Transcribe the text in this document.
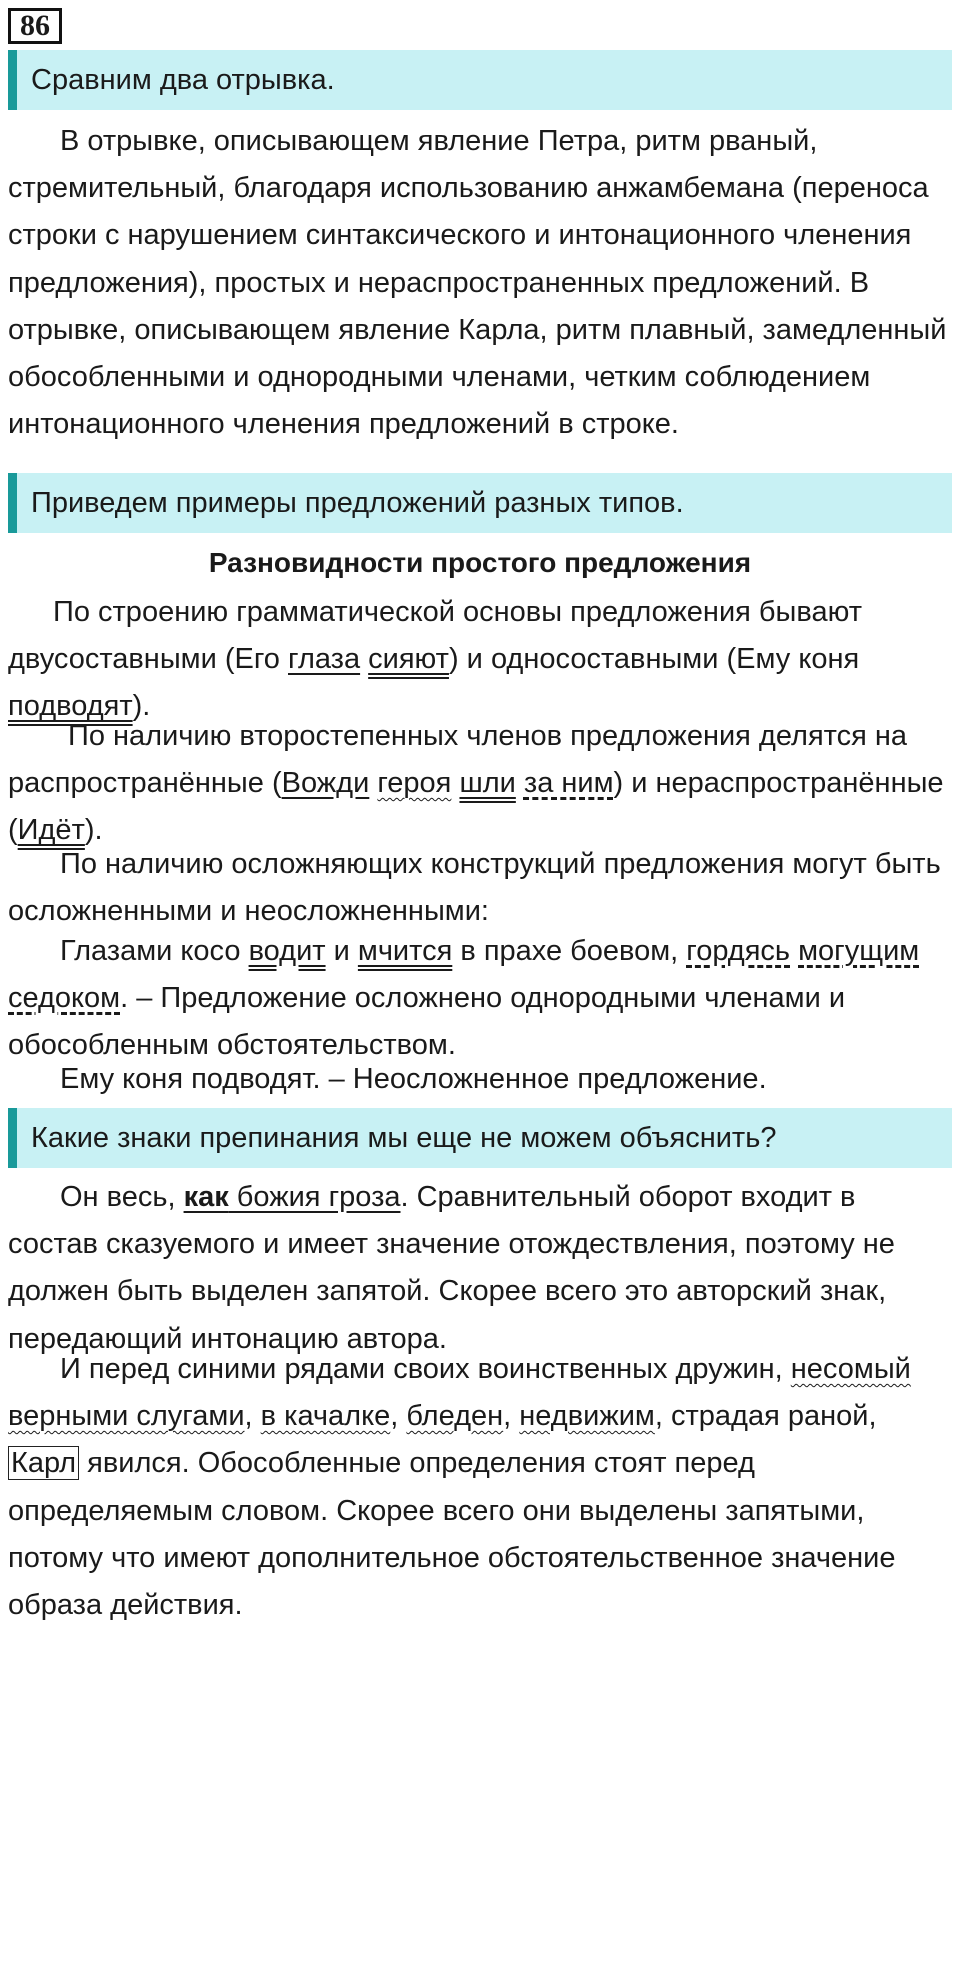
86
Сравним два отрывка.

В отрывке, описывающем явление Петра, ритм рваный, стремительный, благодаря использованию анжамбемана (переноса строки с нарушением синтаксического и интонационного членения предложения), простых и нераспространенных предложений. В отрывке, описывающем явление Карла, ритм плавный, замедленный обособленными и однородными членами, четким соблюдением интонационного членения предложений в строке.

Приведем примеры предложений разных типов.

Разновидности простого предложения

По строению грамматической основы предложения бывают двусоставными (Его глаза сияют) и односоставными (Ему коня подводят).

По наличию второстепенных членов предложения делятся на распространённые (Вожди героя шли за ним) и нераспространённые (Идёт).

По наличию осложняющих конструкций предложения могут быть осложненными и неосложненными:

Глазами косо водит и мчится в прахе боевом, гордясь могущим седоком. – Предложение осложнено однородными членами и обособленным обстоятельством.

Ему коня подводят. – Неосложненное предложение.

Какие знаки препинания мы еще не можем объяснить?

Он весь, как божия гроза. Сравнительный оборот входит в состав сказуемого и имеет значение отождествления, поэтому не должен быть выделен запятой. Скорее всего это авторский знак, передающий интонацию автора.

И перед синими рядами своих воинственных дружин, несомый верными слугами, в качалке, бледен, недвижим, страдая раной, Карл явился. Обособленные определения стоят перед определяемым словом. Скорее всего они выделены запятыми, потому что имеют дополнительное обстоятельственное значение образа действия.
